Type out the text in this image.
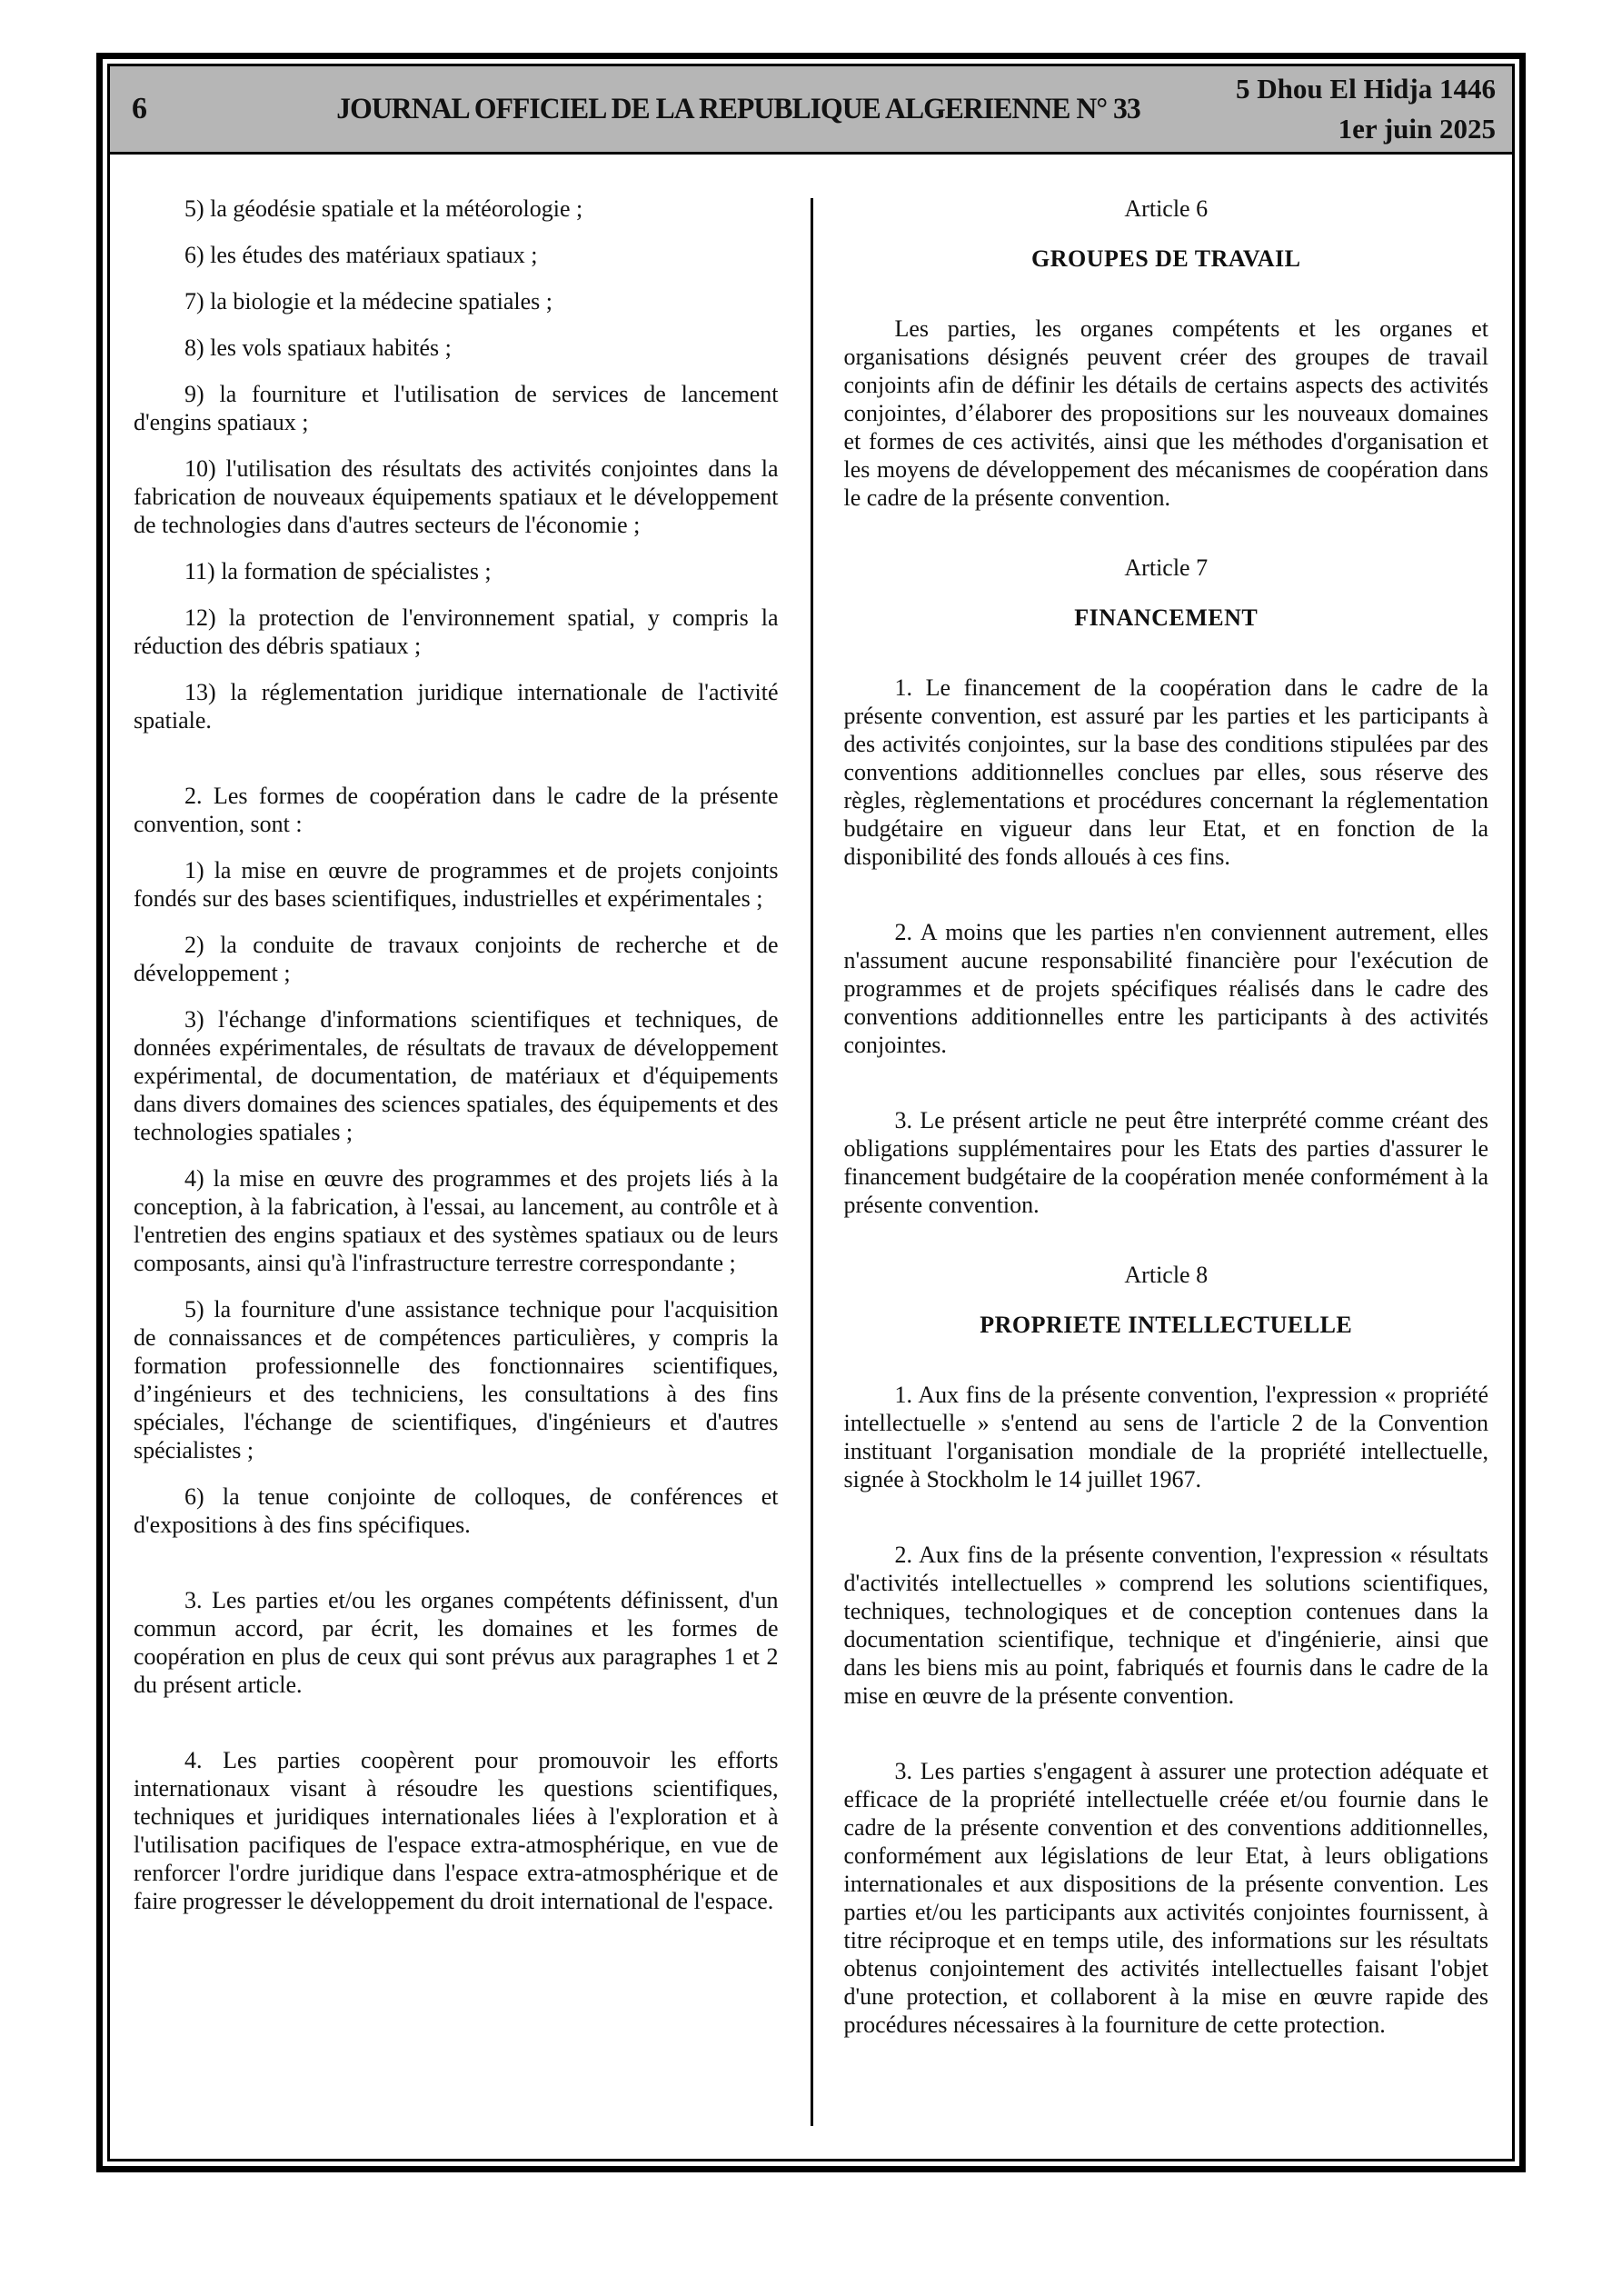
6	JOURNAL OFFICIEL DE LA REPUBLIQUE ALGERIENNE N° 33
5 Dhou El Hidja 1446
1er juin 2025

5) la géodésie spatiale et la météorologie ;

6) les études des matériaux spatiaux ;

7) la biologie et la médecine spatiales ;

8) les vols spatiaux habités ;

9) la fourniture et l'utilisation de services de lancement d'engins spatiaux ;

10) l'utilisation des résultats des activités conjointes dans la fabrication de nouveaux équipements spatiaux et le développement de technologies dans d'autres secteurs de l'économie ;

11) la formation de spécialistes ;

12) la protection de l'environnement spatial, y compris la réduction des débris spatiaux ;

13) la réglementation juridique internationale de l'activité spatiale.

2. Les formes de coopération dans le cadre de la présente convention, sont :

1) la mise en œuvre de programmes et de projets conjoints fondés sur des bases scientifiques, industrielles et expérimentales ;

2) la conduite de travaux conjoints de recherche et de développement ;

3) l'échange d'informations scientifiques et techniques, de données expérimentales, de résultats de travaux de développement expérimental, de documentation, de matériaux et d'équipements dans divers domaines des sciences spatiales, des équipements et des technologies spatiales ;

4) la mise en œuvre des programmes et des projets liés à la conception, à la fabrication, à l'essai, au lancement, au contrôle et à l'entretien des engins spatiaux et des systèmes spatiaux ou de leurs composants, ainsi qu'à l'infrastructure terrestre correspondante ;

5) la fourniture d'une assistance technique pour l'acquisition de connaissances et de compétences particulières, y compris la formation professionnelle des fonctionnaires scientifiques, d’ingénieurs et des techniciens, les consultations à des fins spéciales, l'échange de scientifiques, d'ingénieurs et d'autres spécialistes ;

6) la tenue conjointe de colloques, de conférences et d'expositions à des fins spécifiques.

3. Les parties et/ou les organes compétents définissent, d'un commun accord, par écrit, les domaines et les formes de coopération en plus de ceux qui sont prévus aux paragraphes 1 et 2 du présent article.

4. Les parties coopèrent pour promouvoir les efforts internationaux visant à résoudre les questions scientifiques, techniques et juridiques internationales liées à l'exploration et à l'utilisation pacifiques de l'espace extra-atmosphérique, en vue de renforcer l'ordre juridique dans l'espace extra-atmosphérique et de faire progresser le développement du droit international de l'espace.

Article 6

GROUPES DE TRAVAIL

Les parties, les organes compétents et les organes et organisations désignés peuvent créer des groupes de travail conjoints afin de définir les détails de certains aspects des activités conjointes, d’élaborer des propositions sur les nouveaux domaines et formes de ces activités, ainsi que les méthodes d'organisation et les moyens de développement des mécanismes de coopération dans le cadre de la présente convention.

Article 7

FINANCEMENT

1. Le financement de la coopération dans le cadre de la présente convention, est assuré par les parties et les participants à des activités conjointes, sur la base des conditions stipulées par des conventions additionnelles conclues par elles, sous réserve des règles, règlementations et procédures concernant la réglementation budgétaire en vigueur dans leur Etat, et en fonction de la disponibilité des fonds alloués à ces fins.

2. A moins que les parties n'en conviennent autrement, elles n'assument aucune responsabilité financière pour l'exécution de programmes et de projets spécifiques réalisés dans le cadre des conventions additionnelles entre les participants à des activités conjointes.

3. Le présent article ne peut être interprété comme créant des obligations supplémentaires pour les Etats des parties d'assurer le financement budgétaire de la coopération menée conformément à la présente convention.

Article 8

PROPRIETE INTELLECTUELLE

1. Aux fins de la présente convention, l'expression « propriété intellectuelle » s'entend au sens de l'article 2 de la Convention instituant l'organisation mondiale de la propriété intellectuelle, signée à Stockholm le 14 juillet 1967.

2. Aux fins de la présente convention, l'expression « résultats d'activités intellectuelles » comprend les solutions scientifiques, techniques, technologiques et de conception contenues dans la documentation scientifique, technique et d'ingénierie, ainsi que dans les biens mis au point, fabriqués et fournis dans le cadre de la mise en œuvre de la présente convention.

3. Les parties s'engagent à assurer une protection adéquate et efficace de la propriété intellectuelle créée et/ou fournie dans le cadre de la présente convention et des conventions additionnelles, conformément aux législations de leur Etat, à leurs obligations internationales et aux dispositions de la présente convention. Les parties et/ou les participants aux activités conjointes fournissent, à titre réciproque et en temps utile, des informations sur les résultats obtenus conjointement des activités intellectuelles faisant l'objet d'une protection, et collaborent à la mise en œuvre rapide des procédures nécessaires à la fourniture de cette protection.
